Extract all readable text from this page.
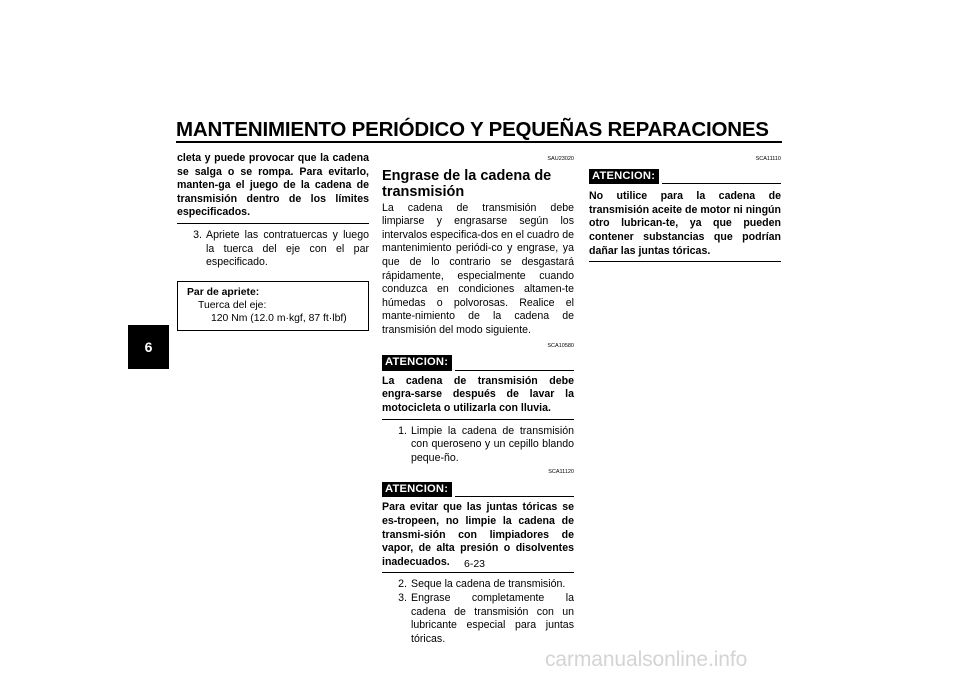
MANTENIMIENTO PERIÓDICO Y PEQUEÑAS REPARACIONES
6
cleta y puede provocar que la cadena se salga o se rompa. Para evitarlo, manten-ga el juego de la cadena de transmisión dentro de los límites especificados.
3. Apriete las contratuercas y luego la tuerca del eje con el par especificado.
Par de apriete:
Tuerca del eje:
120 Nm (12.0 m·kgf, 87 ft·lbf)
SAU23020
Engrase de la cadena de transmisión
La cadena de transmisión debe limpiarse y engrasarse según los intervalos especifica-dos en el cuadro de mantenimiento periódi-co y engrase, ya que de lo contrario se desgastará rápidamente, especialmente cuando conduzca en condiciones altamen-te húmedas o polvorosas. Realice el mante-nimiento de la cadena de transmisión del modo siguiente.
SCA10580
ATENCION:
La cadena de transmisión debe engra-sarse después de lavar la motocicleta o utilizarla con lluvia.
1. Limpie la cadena de transmisión con queroseno y un cepillo blando peque-ño.
SCA11120
ATENCION:
Para evitar que las juntas tóricas se es-tropeen, no limpie la cadena de transmi-sión con limpiadores de vapor, de alta presión o disolventes inadecuados.
2. Seque la cadena de transmisión.
3. Engrase completamente la cadena de transmisión con un lubricante especial para juntas tóricas.
SCA11110
ATENCION:
No utilice para la cadena de transmisión aceite de motor ni ningún otro lubrican-te, ya que pueden contener substancias que podrían dañar las juntas tóricas.
6-23
carmanualsonline.info
